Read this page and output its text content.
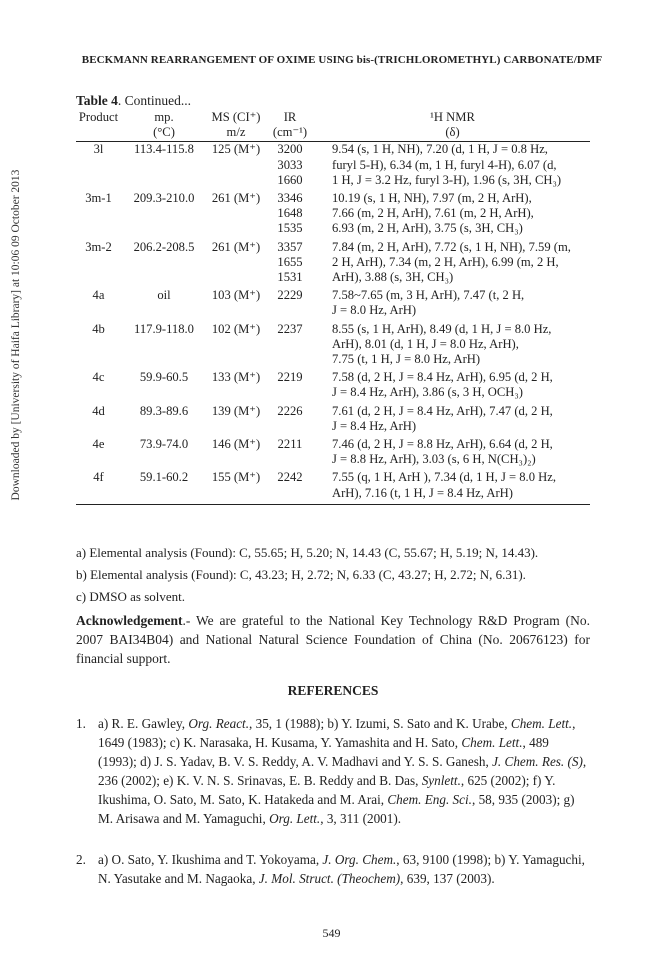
Downloaded by [University of Haifa Library] at 10:06 09 October 2013
BECKMANN REARRANGEMENT OF OXIME USING bis-(TRICHLOROMETHYL) CARBONATE/DMF
Table 4. Continued...
Product	mp.	MS (CI⁺)	IR	¹H NMR
	(°C)	m/z	(cm⁻¹)	(δ)

3l	113.4-115.8	125 (M⁺)	3200	9.54 (s, 1 H, NH), 7.20 (d, 1 H, J = 0.8 Hz,
			3033	furyl 5-H), 6.34 (m, 1 H, furyl 4-H), 6.07 (d,
			1660	1 H, J = 3.2 Hz, furyl 3-H), 1.96 (s, 3H, CH₃)
3m-1	209.3-210.0	261 (M⁺)	3346	10.19 (s, 1 H, NH), 7.97 (m, 2 H, ArH),
			1648	7.66 (m, 2 H, ArH), 7.61 (m, 2 H, ArH),
			1535	6.93 (m, 2 H, ArH), 3.75 (s, 3H, CH₃)
3m-2	206.2-208.5	261 (M⁺)	3357	7.84 (m, 2 H, ArH), 7.72 (s, 1 H, NH), 7.59 (m,
			1655	2 H, ArH), 7.34 (m, 2 H, ArH), 6.99 (m, 2 H,
			1531	ArH), 3.88 (s, 3H, CH₃)
4a	oil	103 (M⁺)	2229	7.58~7.65 (m, 3 H, ArH), 7.47 (t, 2 H,
				J = 8.0 Hz, ArH)
4b	117.9-118.0	102 (M⁺)	2237	8.55 (s, 1 H, ArH), 8.49 (d, 1 H, J = 8.0 Hz,
				ArH), 8.01 (d, 1 H, J = 8.0 Hz, ArH),
				7.75 (t, 1 H, J = 8.0 Hz, ArH)
4c	59.9-60.5	133 (M⁺)	2219	7.58 (d, 2 H, J = 8.4 Hz, ArH), 6.95 (d, 2 H,
				J = 8.4 Hz, ArH), 3.86 (s, 3 H, OCH₃)
4d	89.3-89.6	139 (M⁺)	2226	7.61 (d, 2 H, J = 8.4 Hz, ArH), 7.47 (d, 2 H,
				J = 8.4 Hz, ArH)
4e	73.9-74.0	146 (M⁺)	2211	7.46 (d, 2 H, J = 8.8 Hz, ArH), 6.64 (d, 2 H,
				J = 8.8 Hz, ArH), 3.03 (s, 6 H, N(CH₃)₂)
4f	59.1-60.2	155 (M⁺)	2242	7.55 (q, 1 H, ArH ), 7.34 (d, 1 H, J = 8.0 Hz,
				ArH), 7.16 (t, 1 H, J = 8.4 Hz, ArH)

a) Elemental analysis (Found): C, 55.65; H, 5.20; N, 14.43 (C, 55.67; H, 5.19; N, 14.43).
b) Elemental analysis (Found): C, 43.23; H, 2.72; N, 6.33 (C, 43.27; H, 2.72; N, 6.31).
c) DMSO as solvent.
Acknowledgement.- We are grateful to the National Key Technology R&D Program (No. 2007 BAI34B04) and National Natural Science Foundation of China (No. 20676123) for financial support.
REFERENCES
1. a) R. E. Gawley, Org. React., 35, 1 (1988); b) Y. Izumi, S. Sato and K. Urabe, Chem. Lett., 1649 (1983); c) K. Narasaka, H. Kusama, Y. Yamashita and H. Sato, Chem. Lett., 489 (1993); d) J. S. Yadav, B. V. S. Reddy, A. V. Madhavi and Y. S. S. Ganesh, J. Chem. Res. (S), 236 (2002); e) K. V. N. S. Srinavas, E. B. Reddy and B. Das, Synlett., 625 (2002); f) Y. Ikushima, O. Sato, M. Sato, K. Hatakeda and M. Arai, Chem. Eng. Sci., 58, 935 (2003); g) M. Arisawa and M. Yamaguchi, Org. Lett., 3, 311 (2001).
2. a) O. Sato, Y. Ikushima and T. Yokoyama, J. Org. Chem., 63, 9100 (1998); b) Y. Yamaguchi, N. Yasutake and M. Nagaoka, J. Mol. Struct. (Theochem), 639, 137 (2003).
549
